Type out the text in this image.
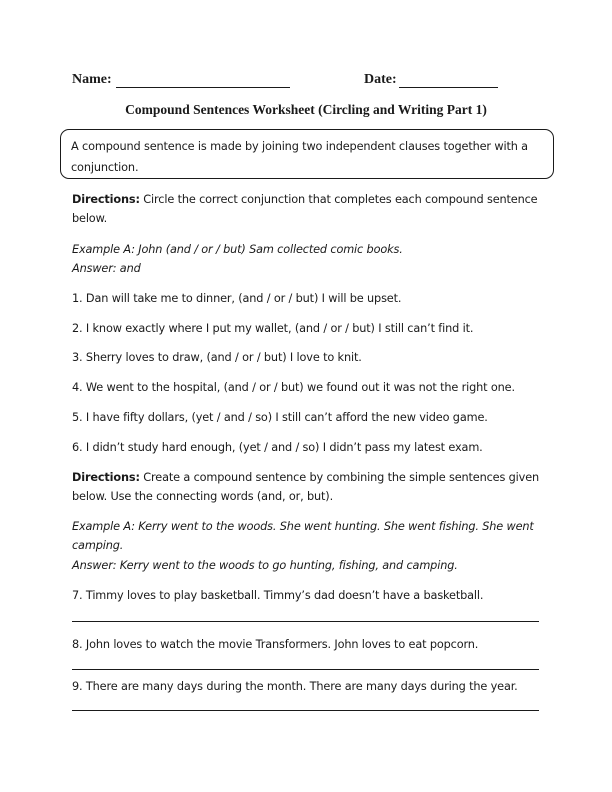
Name:	Date:
Compound Sentences Worksheet (Circling and Writing Part 1)
A compound sentence is made by joining two independent clauses together with a conjunction.
Directions: Circle the correct conjunction that completes each compound sentence below.
Example A: John (and / or / but) Sam collected comic books.
Answer: and
1. Dan will take me to dinner, (and / or / but) I will be upset.
2. I know exactly where I put my wallet, (and / or / but) I still can’t find it.
3. Sherry loves to draw, (and / or / but) I love to knit.
4. We went to the hospital, (and / or / but) we found out it was not the right one.
5. I have fifty dollars, (yet / and / so) I still can’t afford the new video game.
6. I didn’t study hard enough, (yet / and / so) I didn’t pass my latest exam.
Directions: Create a compound sentence by combining the simple sentences given below. Use the connecting words (and, or, but).
Example A: Kerry went to the woods. She went hunting. She went fishing. She went camping.
Answer: Kerry went to the woods to go hunting, fishing, and camping.
7. Timmy loves to play basketball. Timmy’s dad doesn’t have a basketball.
8. John loves to watch the movie Transformers. John loves to eat popcorn.
9. There are many days during the month. There are many days during the year.
